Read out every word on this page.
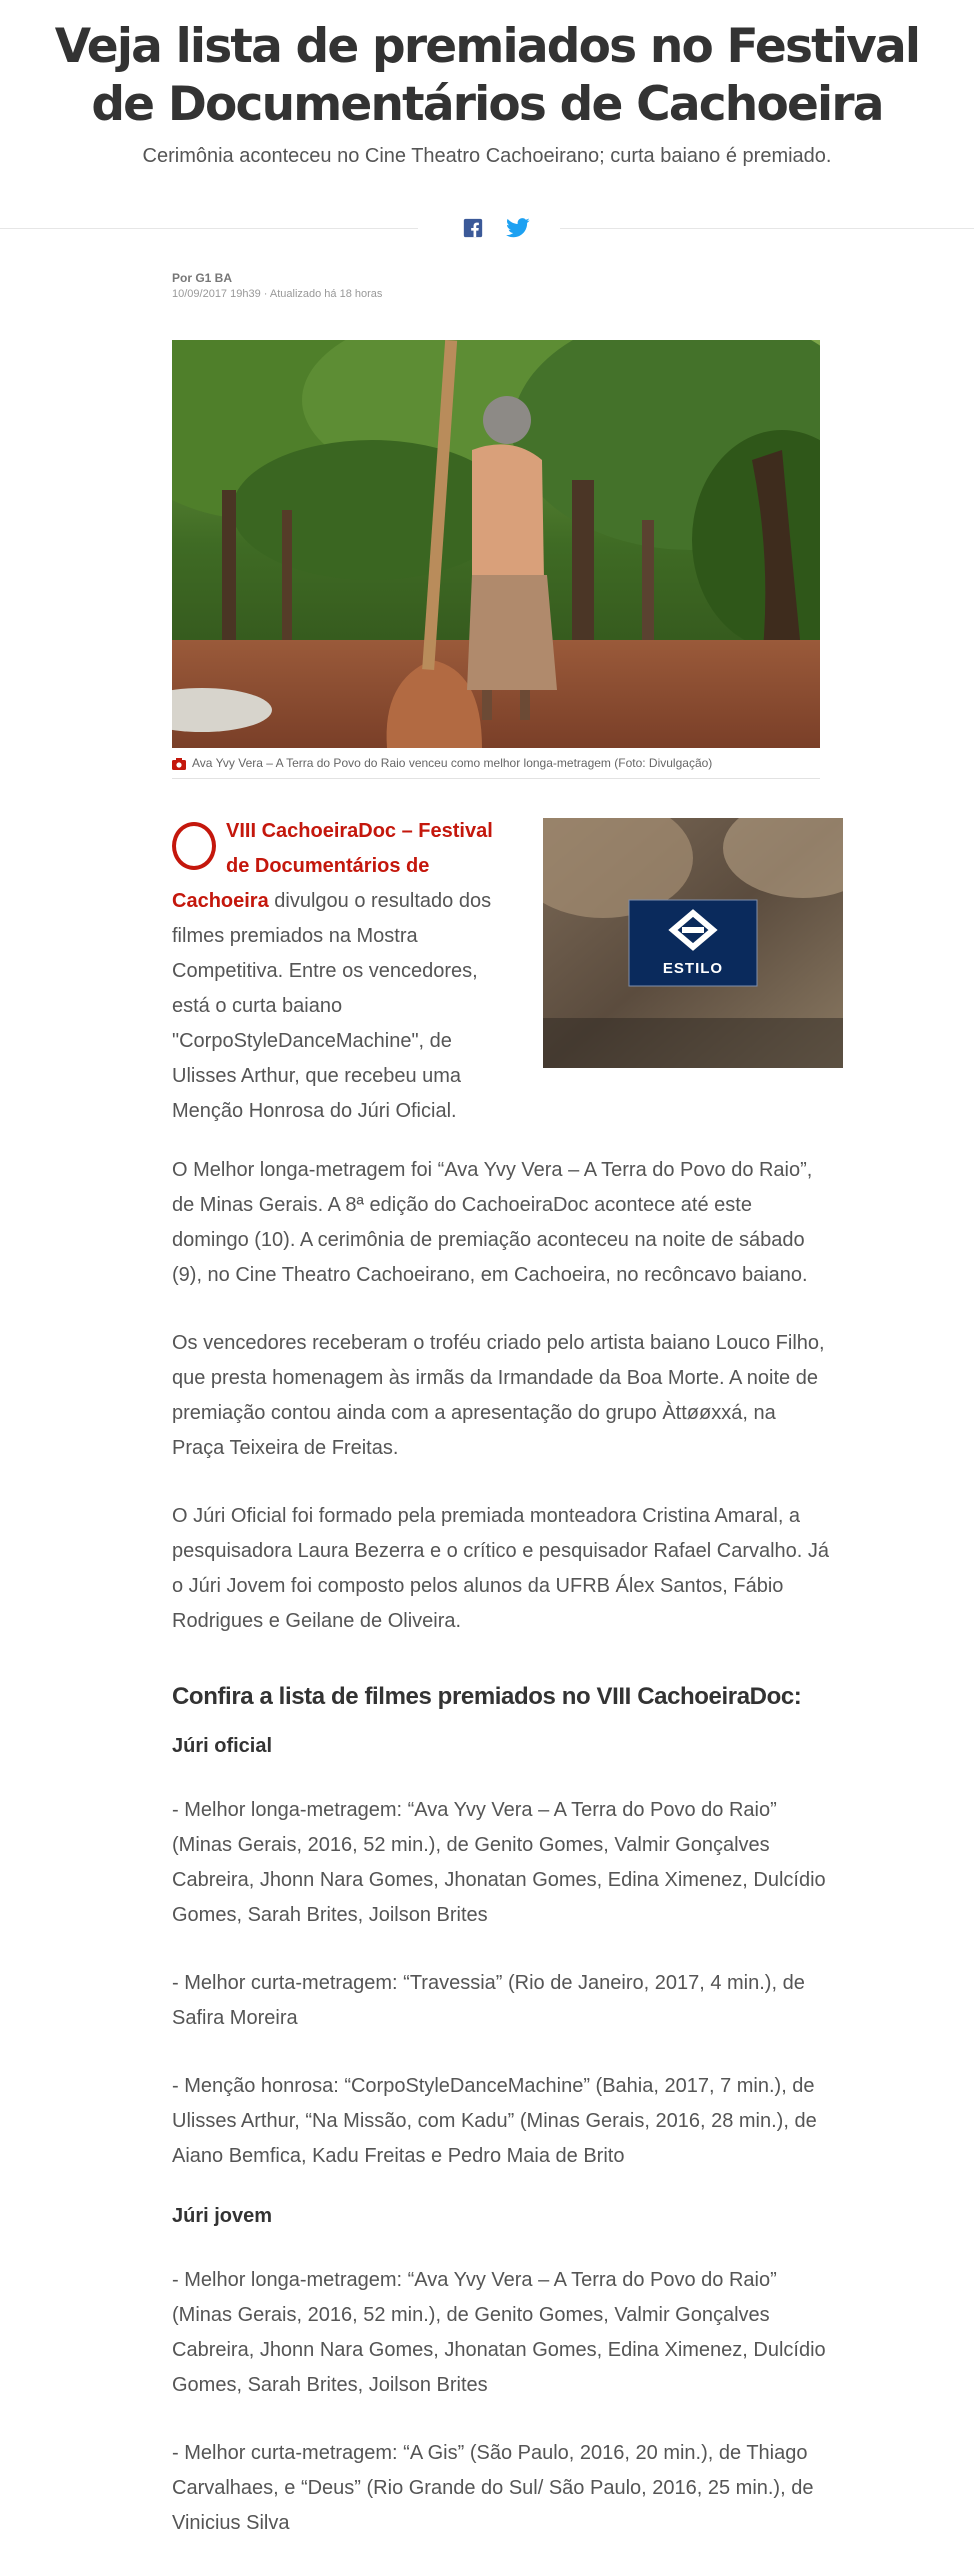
Veja lista de premiados no Festival de Documentários de Cachoeira

Cerimônia aconteceu no Cine Theatro Cachoeirano; curta baiano é premiado.

Por G1 BA
10/09/2017 19h39 · Atualizado há 18 horas
Ava Yvy Vera – A Terra do Povo do Raio venceu como melhor longa-metragem (Foto: Divulgação)
VIII CachoeiraDoc – Festival de Documentários de Cachoeira divulgou o resultado dos filmes premiados na Mostra Competitiva. Entre os vencedores, está o curta baiano "CorpoStyleDanceMachine", de Ulisses Arthur, que recebeu uma Menção Honrosa do Júri Oficial.
ESTILO

O Melhor longa-metragem foi “Ava Yvy Vera – A Terra do Povo do Raio”, de Minas Gerais. A 8ª edição do CachoeiraDoc acontece até este domingo (10). A cerimônia de premiação aconteceu na noite de sábado (9), no Cine Theatro Cachoeirano, em Cachoeira, no recôncavo baiano.

Os vencedores receberam o troféu criado pelo artista baiano Louco Filho, que presta homenagem às irmãs da Irmandade da Boa Morte. A noite de premiação contou ainda com a apresentação do grupo Àttøøxxá, na Praça Teixeira de Freitas.

O Júri Oficial foi formado pela premiada monteadora Cristina Amaral, a pesquisadora Laura Bezerra e o crítico e pesquisador Rafael Carvalho. Já o Júri Jovem foi composto pelos alunos da UFRB Álex Santos, Fábio Rodrigues e Geilane de Oliveira.

Confira a lista de filmes premiados no VIII CachoeiraDoc:
Júri oficial

- Melhor longa-metragem: “Ava Yvy Vera – A Terra do Povo do Raio” (Minas Gerais, 2016, 52 min.), de Genito Gomes, Valmir Gonçalves Cabreira, Jhonn Nara Gomes, Jhonatan Gomes, Edina Ximenez, Dulcídio Gomes, Sarah Brites, Joilson Brites

- Melhor curta-metragem: “Travessia” (Rio de Janeiro, 2017, 4 min.), de Safira Moreira

- Menção honrosa: “CorpoStyleDanceMachine” (Bahia, 2017, 7 min.), de Ulisses Arthur, “Na Missão, com Kadu” (Minas Gerais, 2016, 28 min.), de Aiano Bemfica, Kadu Freitas e Pedro Maia de Brito

Júri jovem

- Melhor longa-metragem: “Ava Yvy Vera – A Terra do Povo do Raio” (Minas Gerais, 2016, 52 min.), de Genito Gomes, Valmir Gonçalves Cabreira, Jhonn Nara Gomes, Jhonatan Gomes, Edina Ximenez, Dulcídio Gomes, Sarah Brites, Joilson Brites

- Melhor curta-metragem: “A Gis” (São Paulo, 2016, 20 min.), de Thiago Carvalhaes, e “Deus” (Rio Grande do Sul/ São Paulo, 2016, 25 min.), de Vinicius Silva
